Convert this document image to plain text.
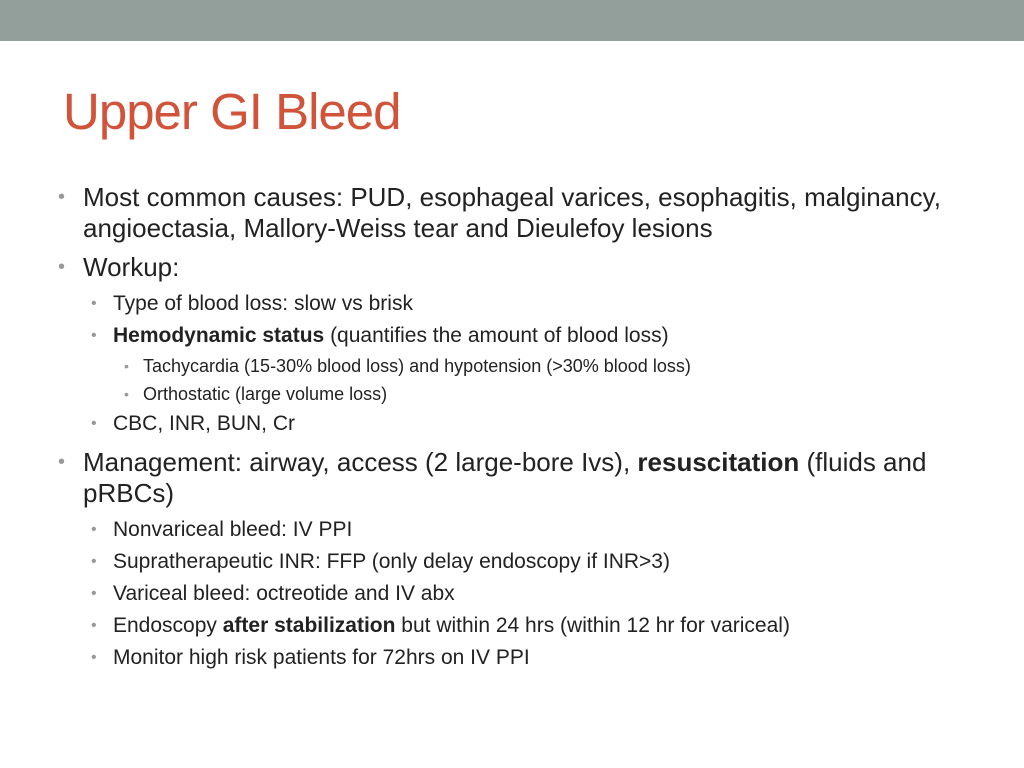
Upper GI Bleed
• Most common causes: PUD, esophageal varices, esophagitis, malginancy, angioectasia, Mallory-Weiss tear and Dieulefoy lesions
• Workup:
• Type of blood loss: slow vs brisk
• Hemodynamic status (quantifies the amount of blood loss)
• Tachycardia (15-30% blood loss) and hypotension (>30% blood loss)
• Orthostatic (large volume loss)
• CBC, INR, BUN, Cr
• Management: airway, access (2 large-bore Ivs), resuscitation (fluids and pRBCs)
• Nonvariceal bleed: IV PPI
• Supratherapeutic INR: FFP (only delay endoscopy if INR>3)
• Variceal bleed: octreotide and IV abx
• Endoscopy after stabilization but within 24 hrs (within 12 hr for variceal)
• Monitor high risk patients for 72hrs on IV PPI
